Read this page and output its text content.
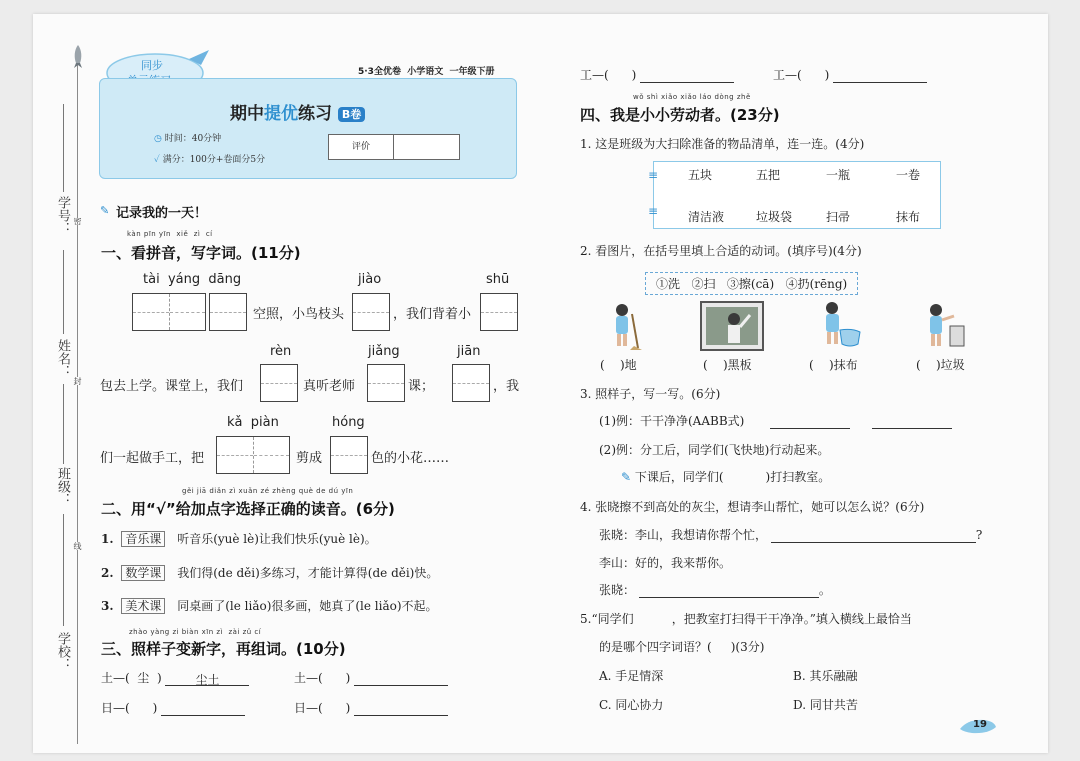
学号：
姓名：
班级：
学校：
密
封
线
同步	5·3全优卷  小学语文  一年级下册
期中提优练习 B卷
◷ 时间：40分钟
✓ 满分：100分+卷面分5分
评价
✎ 记录我的一天！
kàn pīn yīn  xiě  zì  cí
一、看拼音，写字词。(11分)
tài  yáng  dāng	jiào	shū
空照，小鸟枝头	，我们背着小
rèn	jiǎng	jiān
包去上学。课堂上，我们	真听老师	课；	，我
kǎ  piàn	hóng
们一起做手工，把	剪成	色的小花……
gěi jiā diǎn zì xuǎn zé zhèng què de dú yīn
二、用“√”给加点字选择正确的读音。(6分)
1. 音乐课 听音乐(yuè lè)让我们快乐(yuè lè)。
2. 数学课 我们得(de děi)多练习，才能计算得(de děi)快。
3. 美术课 同桌画了(le liǎo)很多画，她真了(le liǎo)不起。
zhào yàng zi biàn xīn zì  zài zǔ cí
三、照样子变新字，再组词。(10分)
土—(  尘  )	尘土	土—(      )
日—(      )	日—(      )
工—(      )	工—(      )
wǒ shì xiǎo xiǎo láo dòng zhě
四、我是小小劳动者。(23分)
1. 这是班级为大扫除准备的物品清单，连一连。(4分)
≡
≡
五块	五把	一瓶	一卷
清洁液	垃圾袋	扫帚	抹布
2. 看图片，在括号里填上合适的动词。(填序号)(4分)
①洗   ②扫   ③擦(cā)   ④扔(rēng)
(    )地	(    )黑板	(    )抹布	(    )垃圾
3. 照样子，写一写。(6分)
(1)例：干干净净(AABB式)
(2)例：分工后，同学们(飞快地)行动起来。
✎ 下课后，同学们(           )打扫教室。
4. 张晓擦不到高处的灰尘，想请李山帮忙，她可以怎么说？(6分)
张晓：李山，我想请你帮个忙，	?
李山：好的，我来帮你。
张晓：	。
5.“同学们          ，把教室打扫得干干净净。”填入横线上最恰当
的是哪个四字词语？(     )(3分)
A. 手足情深	B. 其乐融融
C. 同心协力	D. 同甘共苦
19
